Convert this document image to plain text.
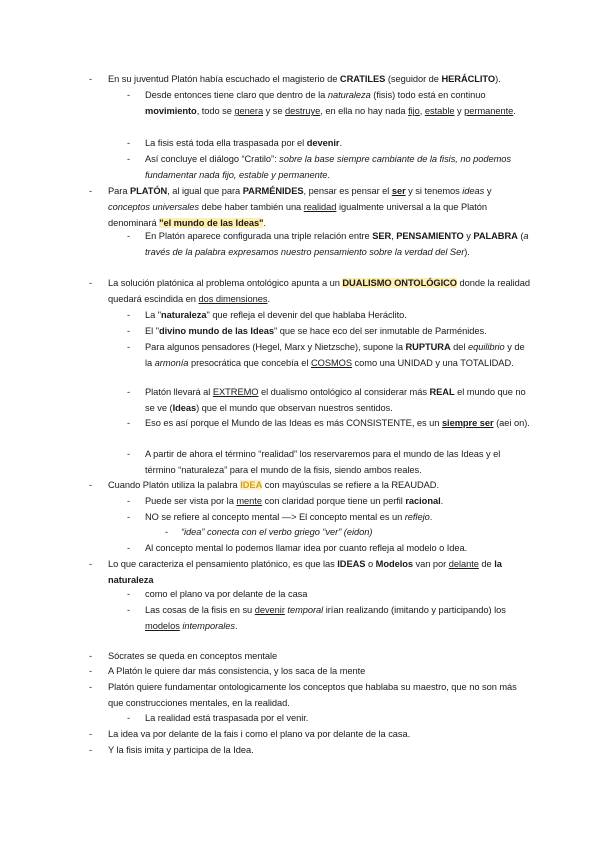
- En su juventud Platón había escuchado el magisterio de CRATILES (seguidor de HERÁCLITO).
- Desde entonces tiene claro que dentro de la naturaleza (fisis) todo está en continuo movimiento, todo se genera y se destruye, en ella no hay nada fijo, estable y permanente.
- La fisis está toda ella traspasada por el devenir.
- Así concluye el diálogo “Cratilo”: sobre la base siempre cambiante de la fisis, no podemos fundamentar nada fijo, estable y permanente.
- Para PLATÓN, al igual que para PARMÉNIDES, pensar es pensar el ser y si tenemos ideas y conceptos universales debe haber también una realidad igualmente universal a la que Platón denominará "el mundo de las Ideas".
- En Platón aparece configurada una triple relación entre SER, PENSAMIENTO y PALABRA (a través de la palabra expresamos nuestro pensamiento sobre la verdad del Ser).
- La solución platónica al problema ontológico apunta a un DUALISMO ONTOLÓGICO donde la realidad quedará escindida en dos dimensiones.
- La "naturaleza" que refleja el devenir del que hablaba Heráclito.
- El "divino mundo de las Ideas" que se hace eco del ser inmutable de Parménides.
- Para algunos pensadores (Hegel, Marx y Nietzsche), supone la RUPTURA del equilibrio y de la armonía presocrática que concebía el COSMOS como una UNIDAD y una TOTALIDAD.
- Platón llevará al EXTREMO el dualismo ontológico al considerar más REAL el mundo que no se ve (Ideas) que el mundo que observan nuestros sentidos.
- Eso es así porque el Mundo de las Ideas es más CONSISTENTE, es un siempre ser (aei on).
- A partir de ahora el término “realidad” los reservaremos para el mundo de las Ideas y el término “naturaleza” para el mundo de la fisis, siendo ambos reales.
- Cuando Platón utiliza la palabra IDEA con mayúsculas se refiere a la REAUDAD.
- Puede ser vista por la mente con claridad porque tiene un perfil racional.
- NO se refiere al concepto mental —> El concepto mental es un reflejo.
- “idea” conecta con el verbo griego “ver” (eidon)
- Al concepto mental lo podemos llamar idea por cuanto refleja al modelo o Idea.
- Lo que caracteriza el pensamiento platónico, es que las IDEAS o Modelos van por delante de la naturaleza
- como el plano va por delante de la casa
- Las cosas de la fisis en su devenir temporal irían realizando (imitando y participando) los modelos intemporales.
- Sócrates se queda en conceptos mentale
- A Platón le quiere dar más consistencia, y los saca de la mente
- Platón quiere fundamentar ontologicamente los conceptos que hablaba su maestro, que no son más que construcciones mentales, en la realidad.
- La realidad está traspasada por el venir.
- La idea va por delante de la fais i como el plano va por delante de la casa.
- Y la fisis imita y participa de la Idea.
